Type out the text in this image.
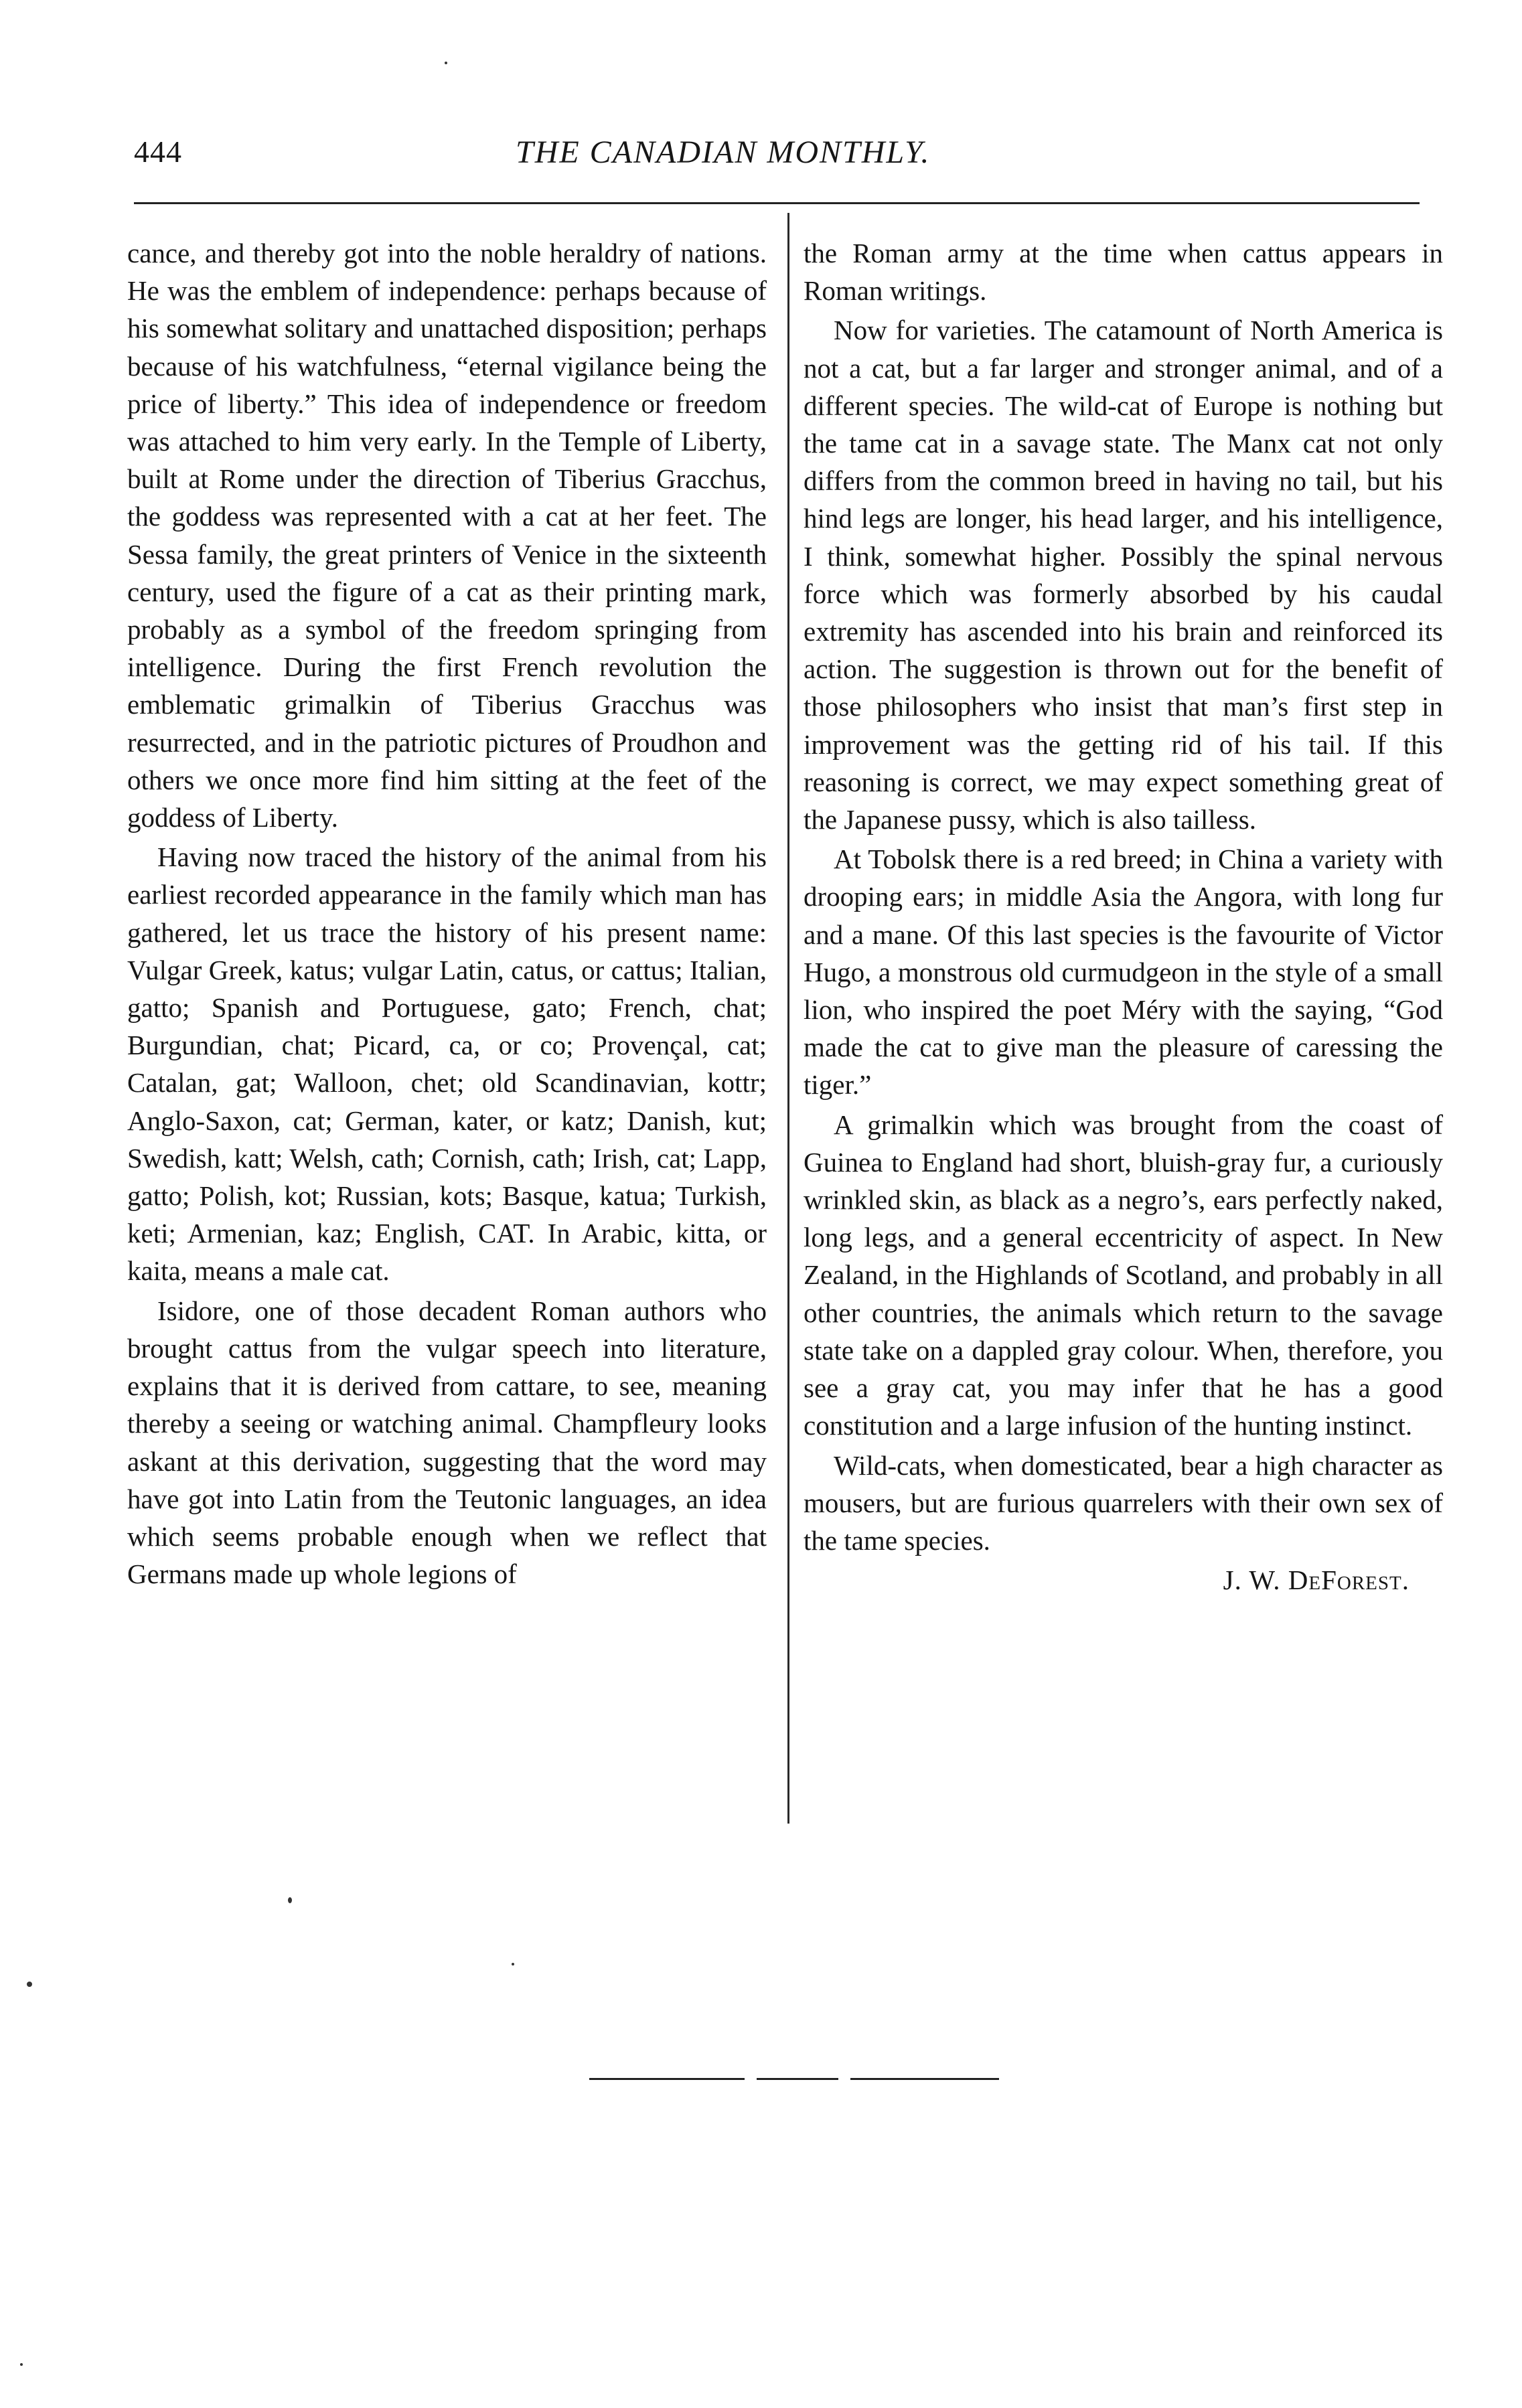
444	THE CANADIAN MONTHLY.

cance, and thereby got into the noble heraldry of nations. He was the emblem of independence: perhaps because of his somewhat solitary and unattached disposition; perhaps because of his watchfulness, “eternal vigilance being the price of liberty.” This idea of independence or freedom was attached to him very early. In the Temple of Liberty, built at Rome under the direction of Tiberius Gracchus, the goddess was represented with a cat at her feet. The Sessa family, the great printers of Venice in the sixteenth century, used the figure of a cat as their printing mark, probably as a symbol of the freedom springing from intelligence. During the first French revolution the emblematic grimalkin of Tiberius Gracchus was resurrected, and in the patriotic pictures of Proudhon and others we once more find him sitting at the feet of the goddess of Liberty.

Having now traced the history of the animal from his earliest recorded appearance in the family which man has gathered, let us trace the history of his present name: Vulgar Greek, katus; vulgar Latin, catus, or cattus; Italian, gatto; Spanish and Portuguese, gato; French, chat; Burgundian, chat; Picard, ca, or co; Provençal, cat; Catalan, gat; Walloon, chet; old Scandinavian, kottr; Anglo-Saxon, cat; German, kater, or katz; Danish, kut; Swedish, katt; Welsh, cath; Cornish, cath; Irish, cat; Lapp, gatto; Polish, kot; Russian, kots; Basque, katua; Turkish, keti; Armenian, kaz; English, CAT. In Arabic, kitta, or kaita, means a male cat.

Isidore, one of those decadent Roman authors who brought cattus from the vulgar speech into literature, explains that it is derived from cattare, to see, meaning thereby a seeing or watching animal. Champfleury looks askant at this derivation, suggesting that the word may have got into Latin from the Teutonic languages, an idea which seems probable enough when we reflect that Germans made up whole legions of

the Roman army at the time when cattus appears in Roman writings.

Now for varieties. The catamount of North America is not a cat, but a far larger and stronger animal, and of a different species. The wild-cat of Europe is nothing but the tame cat in a savage state. The Manx cat not only differs from the common breed in having no tail, but his hind legs are longer, his head larger, and his intelligence, I think, somewhat higher. Possibly the spinal nervous force which was formerly absorbed by his caudal extremity has ascended into his brain and reinforced its action. The suggestion is thrown out for the benefit of those philosophers who insist that man’s first step in improvement was the getting rid of his tail. If this reasoning is correct, we may expect something great of the Japanese pussy, which is also tailless.

At Tobolsk there is a red breed; in China a variety with drooping ears; in middle Asia the Angora, with long fur and a mane. Of this last species is the favourite of Victor Hugo, a monstrous old curmudgeon in the style of a small lion, who inspired the poet Méry with the saying, “God made the cat to give man the pleasure of caressing the tiger.”

A grimalkin which was brought from the coast of Guinea to England had short, bluish-gray fur, a curiously wrinkled skin, as black as a negro’s, ears perfectly naked, long legs, and a general eccentricity of aspect. In New Zealand, in the Highlands of Scotland, and probably in all other countries, the animals which return to the savage state take on a dappled gray colour. When, therefore, you see a gray cat, you may infer that he has a good constitution and a large infusion of the hunting instinct.

Wild-cats, when domesticated, bear a high character as mousers, but are furious quarrelers with their own sex of the tame species.

J. W. DeForest.
